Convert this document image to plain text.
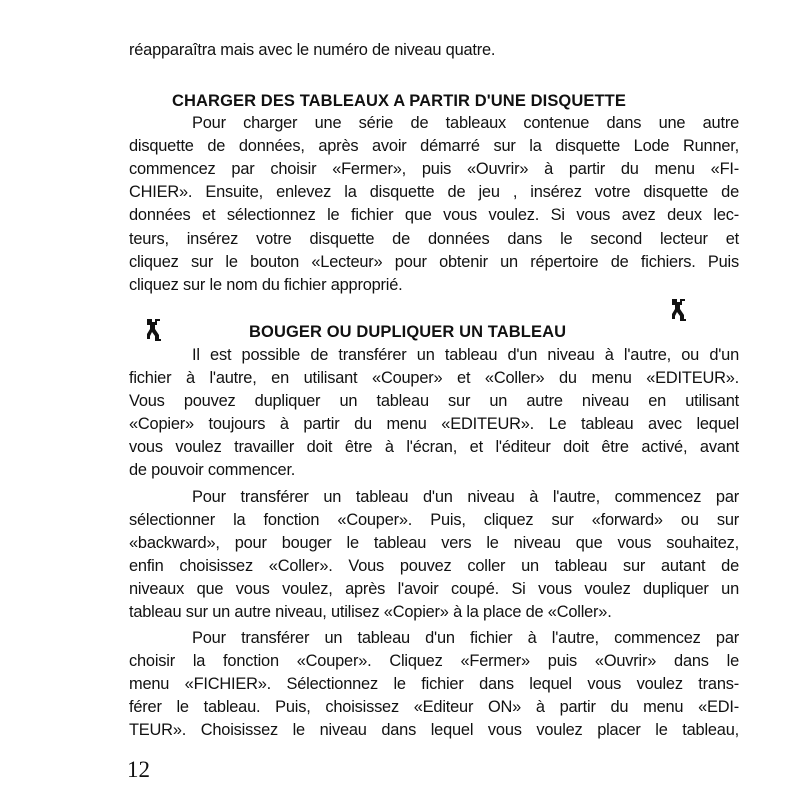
réapparaîtra mais avec le numéro de niveau quatre.
CHARGER DES TABLEAUX A PARTIR D'UNE DISQUETTE
Pour charger une série de tableaux contenue dans une autre
disquette de données, après avoir démarré sur la disquette Lode Runner,
commencez par choisir «Fermer», puis «Ouvrir» à partir du menu «FI-
CHIER». Ensuite, enlevez la disquette de jeu , insérez votre disquette de
données et sélectionnez le fichier que vous voulez. Si vous avez deux lec-
teurs, insérez votre disquette de données dans le second lecteur et
cliquez sur le bouton «Lecteur» pour obtenir un répertoire de fichiers. Puis
cliquez sur le nom du fichier approprié.
BOUGER OU DUPLIQUER UN TABLEAU
Il est possible de transférer un tableau d'un niveau à l'autre, ou d'un
fichier à l'autre, en utilisant «Couper» et «Coller» du menu «EDITEUR».
Vous pouvez dupliquer un tableau sur un autre niveau en utilisant
«Copier» toujours à partir du menu «EDITEUR». Le tableau avec lequel
vous voulez travailler doit être à l'écran, et l'éditeur doit être activé, avant
de pouvoir commencer.
Pour transférer un tableau d'un niveau à l'autre, commencez par
sélectionner la fonction «Couper». Puis, cliquez sur «forward» ou sur
«backward», pour bouger le tableau vers le niveau que vous souhaitez,
enfin choisissez «Coller». Vous pouvez coller un tableau sur autant de
niveaux que vous voulez, après l'avoir coupé. Si vous voulez dupliquer un
tableau sur un autre niveau, utilisez «Copier» à la place de «Coller».
Pour transférer un tableau d'un fichier à l'autre, commencez par
choisir la fonction «Couper». Cliquez «Fermer» puis «Ouvrir» dans le
menu «FICHIER». Sélectionnez le fichier dans lequel vous voulez trans-
férer le tableau. Puis, choisissez «Editeur ON» à partir du menu «EDI-
TEUR». Choisissez le niveau dans lequel vous voulez placer le tableau,
12
